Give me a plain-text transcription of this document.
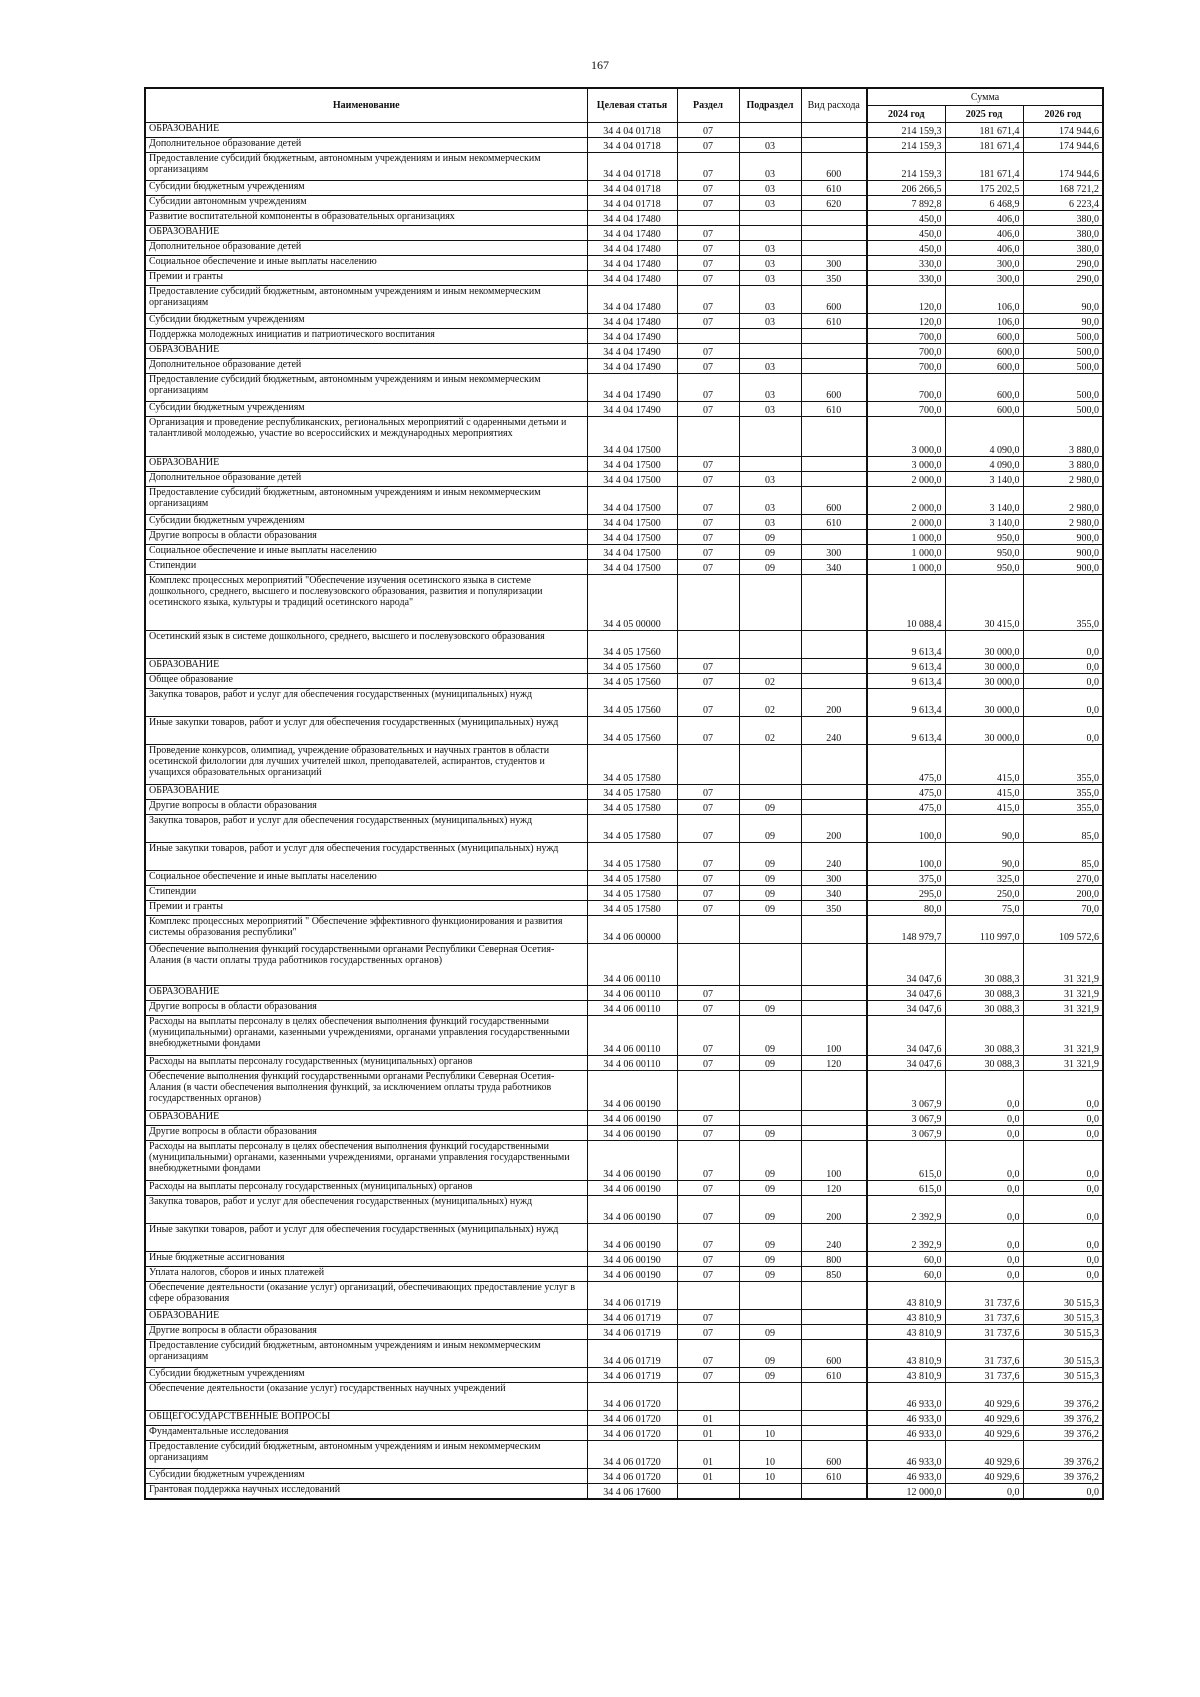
167
Наименование	Целевая статья	Раздел	Подраздел	Вид расхода	Сумма		
					2024 год	2025 год	2026 год
ОБРАЗОВАНИЕ	34 4 04 01718	07			214 159,3	181 671,4	174 944,6
Дополнительное образование детей	34 4 04 01718	07	03		214 159,3	181 671,4	174 944,6
Предоставление субсидий бюджетным, автономным учреждениям и иным некоммерческим организациям	34 4 04 01718	07	03	600	214 159,3	181 671,4	174 944,6
Субсидии бюджетным учреждениям	34 4 04 01718	07	03	610	206 266,5	175 202,5	168 721,2
Субсидии автономным учреждениям	34 4 04 01718	07	03	620	7 892,8	6 468,9	6 223,4
Развитие воспитательной компоненты в образовательных организациях	34 4 04 17480				450,0	406,0	380,0
ОБРАЗОВАНИЕ	34 4 04 17480	07			450,0	406,0	380,0
Дополнительное образование детей	34 4 04 17480	07	03		450,0	406,0	380,0
Социальное обеспечение и иные выплаты населению	34 4 04 17480	07	03	300	330,0	300,0	290,0
Премии и гранты	34 4 04 17480	07	03	350	330,0	300,0	290,0
Предоставление субсидий бюджетным, автономным учреждениям и иным некоммерческим организациям	34 4 04 17480	07	03	600	120,0	106,0	90,0
Субсидии бюджетным учреждениям	34 4 04 17480	07	03	610	120,0	106,0	90,0
Поддержка молодежных инициатив и патриотического воспитания	34 4 04 17490				700,0	600,0	500,0
ОБРАЗОВАНИЕ	34 4 04 17490	07			700,0	600,0	500,0
Дополнительное образование детей	34 4 04 17490	07	03		700,0	600,0	500,0
Предоставление субсидий бюджетным, автономным учреждениям и иным некоммерческим организациям	34 4 04 17490	07	03	600	700,0	600,0	500,0
Субсидии бюджетным учреждениям	34 4 04 17490	07	03	610	700,0	600,0	500,0
Организация и проведение республиканских, региональных мероприятий с одаренными детьми и талантливой молодежью, участие во всероссийских и международных мероприятиях	34 4 04 17500				3 000,0	4 090,0	3 880,0
ОБРАЗОВАНИЕ	34 4 04 17500	07			3 000,0	4 090,0	3 880,0
Дополнительное образование детей	34 4 04 17500	07	03		2 000,0	3 140,0	2 980,0
Предоставление субсидий бюджетным, автономным учреждениям и иным некоммерческим организациям	34 4 04 17500	07	03	600	2 000,0	3 140,0	2 980,0
Субсидии бюджетным учреждениям	34 4 04 17500	07	03	610	2 000,0	3 140,0	2 980,0
Другие вопросы в области образования	34 4 04 17500	07	09		1 000,0	950,0	900,0
Социальное обеспечение и иные выплаты населению	34 4 04 17500	07	09	300	1 000,0	950,0	900,0
Стипендии	34 4 04 17500	07	09	340	1 000,0	950,0	900,0
Комплекс процессных мероприятий "Обеспечение изучения осетинского языка в системе дошкольного, среднего, высшего и послевузовского образования, развития и популяризации осетинского языка, культуры и традиций осетинского народа"	34 4 05 00000				10 088,4	30 415,0	355,0
Осетинский язык в системе дошкольного, среднего, высшего и послевузовского образования	34 4 05 17560				9 613,4	30 000,0	0,0
ОБРАЗОВАНИЕ	34 4 05 17560	07			9 613,4	30 000,0	0,0
Общее образование	34 4 05 17560	07	02		9 613,4	30 000,0	0,0
Закупка товаров, работ и услуг для обеспечения государственных (муниципальных) нужд	34 4 05 17560	07	02	200	9 613,4	30 000,0	0,0
Иные закупки товаров, работ и услуг для обеспечения государственных (муниципальных) нужд	34 4 05 17560	07	02	240	9 613,4	30 000,0	0,0
Проведение конкурсов, олимпиад, учреждение образовательных и научных грантов в области осетинской филологии для лучших учителей школ, преподавателей, аспирантов, студентов и учащихся образовательных организаций	34 4 05 17580				475,0	415,0	355,0
ОБРАЗОВАНИЕ	34 4 05 17580	07			475,0	415,0	355,0
Другие вопросы в области образования	34 4 05 17580	07	09		475,0	415,0	355,0
Закупка товаров, работ и услуг для обеспечения государственных (муниципальных) нужд	34 4 05 17580	07	09	200	100,0	90,0	85,0
Иные закупки товаров, работ и услуг для обеспечения государственных (муниципальных) нужд	34 4 05 17580	07	09	240	100,0	90,0	85,0
Социальное обеспечение и иные выплаты населению	34 4 05 17580	07	09	300	375,0	325,0	270,0
Стипендии	34 4 05 17580	07	09	340	295,0	250,0	200,0
Премии и гранты	34 4 05 17580	07	09	350	80,0	75,0	70,0
Комплекс процессных мероприятий " Обеспечение эффективного функционирования и развития системы образования республики"	34 4 06 00000				148 979,7	110 997,0	109 572,6
Обеспечение выполнения функций государственными органами Республики Северная Осетия-Алания (в части оплаты труда работников государственных органов)	34 4 06 00110				34 047,6	30 088,3	31 321,9
ОБРАЗОВАНИЕ	34 4 06 00110	07			34 047,6	30 088,3	31 321,9
Другие вопросы в области образования	34 4 06 00110	07	09		34 047,6	30 088,3	31 321,9
Расходы на выплаты персоналу в целях обеспечения выполнения функций государственными (муниципальными) органами, казенными учреждениями, органами управления государственными внебюджетными фондами	34 4 06 00110	07	09	100	34 047,6	30 088,3	31 321,9
Расходы на выплаты персоналу государственных (муниципальных) органов	34 4 06 00110	07	09	120	34 047,6	30 088,3	31 321,9
Обеспечение выполнения функций государственными органами Республики Северная Осетия-Алания (в части обеспечения выполнения функций, за исключением оплаты труда работников государственных органов)	34 4 06 00190				3 067,9	0,0	0,0
ОБРАЗОВАНИЕ	34 4 06 00190	07			3 067,9	0,0	0,0
Другие вопросы в области образования	34 4 06 00190	07	09		3 067,9	0,0	0,0
Расходы на выплаты персоналу в целях обеспечения выполнения функций государственными (муниципальными) органами, казенными учреждениями, органами управления государственными внебюджетными фондами	34 4 06 00190	07	09	100	615,0	0,0	0,0
Расходы на выплаты персоналу государственных (муниципальных) органов	34 4 06 00190	07	09	120	615,0	0,0	0,0
Закупка товаров, работ и услуг для обеспечения государственных (муниципальных) нужд	34 4 06 00190	07	09	200	2 392,9	0,0	0,0
Иные закупки товаров, работ и услуг для обеспечения государственных (муниципальных) нужд	34 4 06 00190	07	09	240	2 392,9	0,0	0,0
Иные бюджетные ассигнования	34 4 06 00190	07	09	800	60,0	0,0	0,0
Уплата налогов, сборов и иных платежей	34 4 06 00190	07	09	850	60,0	0,0	0,0
Обеспечение деятельности (оказание услуг) организаций, обеспечивающих предоставление услуг в сфере образования	34 4 06 01719				43 810,9	31 737,6	30 515,3
ОБРАЗОВАНИЕ	34 4 06 01719	07			43 810,9	31 737,6	30 515,3
Другие вопросы в области образования	34 4 06 01719	07	09		43 810,9	31 737,6	30 515,3
Предоставление субсидий бюджетным, автономным учреждениям и иным некоммерческим организациям	34 4 06 01719	07	09	600	43 810,9	31 737,6	30 515,3
Субсидии бюджетным учреждениям	34 4 06 01719	07	09	610	43 810,9	31 737,6	30 515,3
Обеспечение деятельности (оказание услуг) государственных научных учреждений	34 4 06 01720				46 933,0	40 929,6	39 376,2
ОБЩЕГОСУДАРСТВЕННЫЕ ВОПРОСЫ	34 4 06 01720	01			46 933,0	40 929,6	39 376,2
Фундаментальные исследования	34 4 06 01720	01	10		46 933,0	40 929,6	39 376,2
Предоставление субсидий бюджетным, автономным учреждениям и иным некоммерческим организациям	34 4 06 01720	01	10	600	46 933,0	40 929,6	39 376,2
Субсидии бюджетным учреждениям	34 4 06 01720	01	10	610	46 933,0	40 929,6	39 376,2
Грантовая поддержка научных исследований	34 4 06 17600				12 000,0	0,0	0,0
